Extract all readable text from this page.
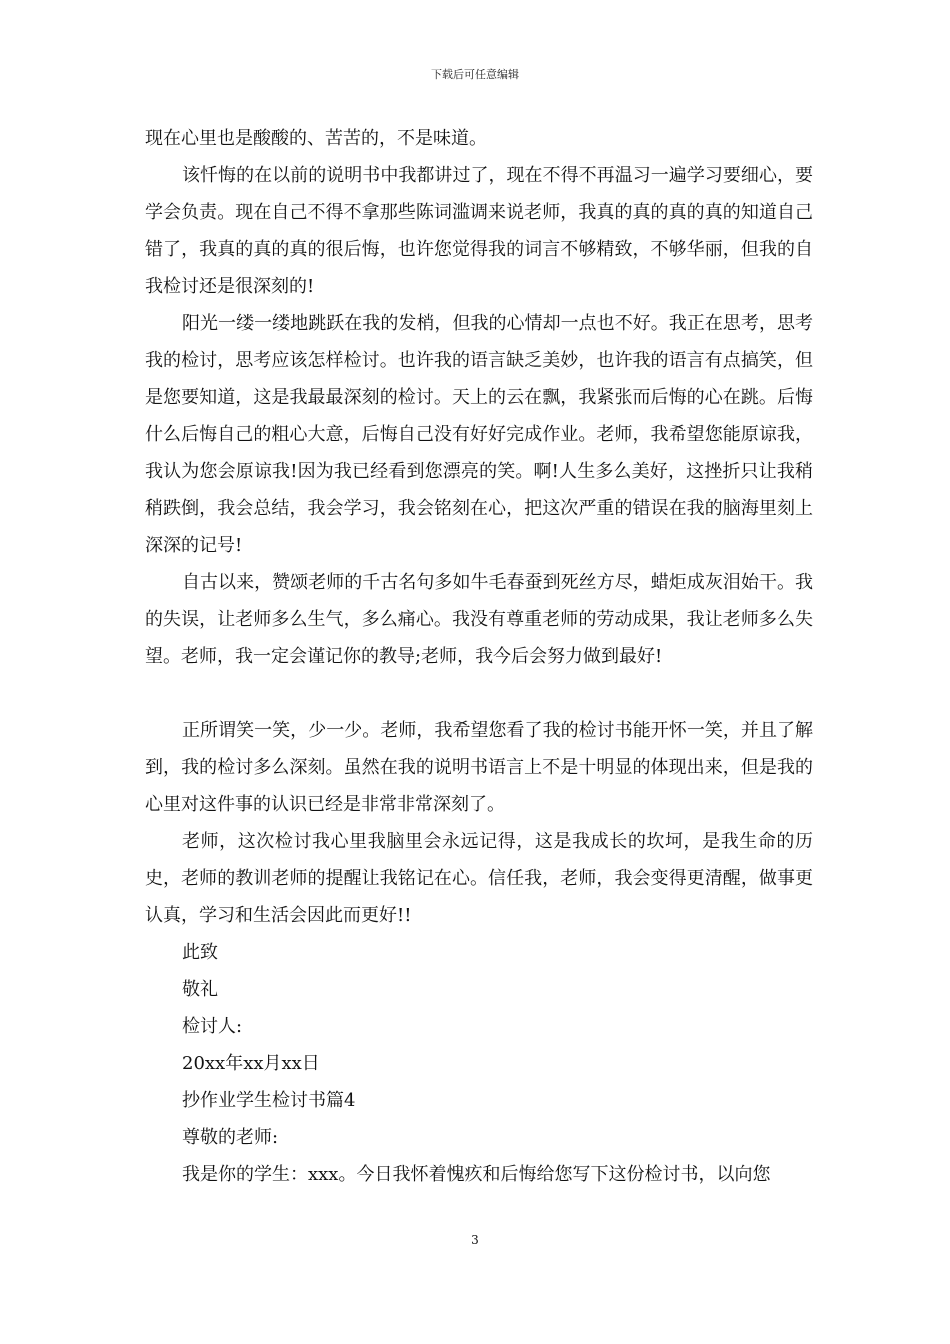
下载后可任意编辑

现在心里也是酸酸的、苦苦的，不是味道。

该忏悔的在以前的说明书中我都讲过了，现在不得不再温习一遍学习要细心，要学会负责。现在自己不得不拿那些陈词滥调来说老师，我真的真的真的真的知道自己错了，我真的真的真的很后悔，也许您觉得我的词言不够精致，不够华丽，但我的自我检讨还是很深刻的!

阳光一缕一缕地跳跃在我的发梢，但我的心情却一点也不好。我正在思考，思考我的检讨，思考应该怎样检讨。也许我的语言缺乏美妙，也许我的语言有点搞笑，但是您要知道，这是我最最深刻的检讨。天上的云在飘，我紧张而后悔的心在跳。后悔什么后悔自己的粗心大意，后悔自己没有好好完成作业。老师，我希望您能原谅我，我认为您会原谅我!因为我已经看到您漂亮的笑。啊!人生多么美好，这挫折只让我稍稍跌倒，我会总结，我会学习，我会铭刻在心，把这次严重的错误在我的脑海里刻上深深的记号!

自古以来，赞颂老师的千古名句多如牛毛春蚕到死丝方尽，蜡炬成灰泪始干。我的失误，让老师多么生气，多么痛心。我没有尊重老师的劳动成果，我让老师多么失望。老师，我一定会谨记你的教导;老师，我今后会努力做到最好!

正所谓笑一笑，少一少。老师，我希望您看了我的检讨书能开怀一笑，并且了解到，我的检讨多么深刻。虽然在我的说明书语言上不是十明显的体现出来，但是我的心里对这件事的认识已经是非常非常深刻了。

老师，这次检讨我心里我脑里会永远记得，这是我成长的坎坷，是我生命的历史，老师的教训老师的提醒让我铭记在心。信任我，老师，我会变得更清醒，做事更认真，学习和生活会因此而更好!!

此致

敬礼

检讨人:

20xx年xx月xx日

抄作业学生检讨书篇4

尊敬的老师:

我是你的学生：xxx。今日我怀着愧疚和后悔给您写下这份检讨书，以向您

3
